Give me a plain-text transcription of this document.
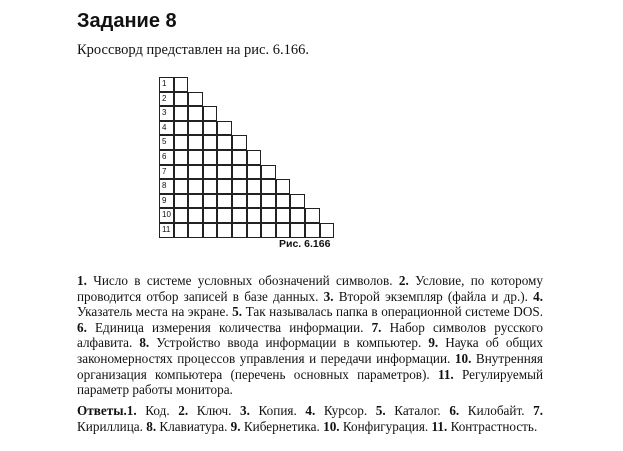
Задание 8
Кроссворд представлен на рис. 6.166.
1
2
3
4
5
6
7
8
9
10
11
Рис. 6.166
1. Число в системе условных обозначений символов. 2. Условие, по которому проводится отбор записей в базе данных. 3. Второй экземпляр (файла и др.). 4. Указатель места на экране. 5. Так называлась папка в операционной системе DOS. 6. Единица измерения количества информации. 7. Набор символов русского алфавита. 8. Устройство ввода информации в компьютер. 9. Наука об общих закономерностях процессов управления и передачи информации. 10. Внутренняя организация компьютера (перечень основных параметров). 11. Регулируемый параметр работы монитора.
Ответы.1. Код. 2. Ключ. 3. Копия. 4. Курсор. 5. Каталог. 6. Килобайт. 7. Кириллица. 8. Клавиатура. 9. Кибернетика. 10. Конфигурация. 11. Контрастность.
